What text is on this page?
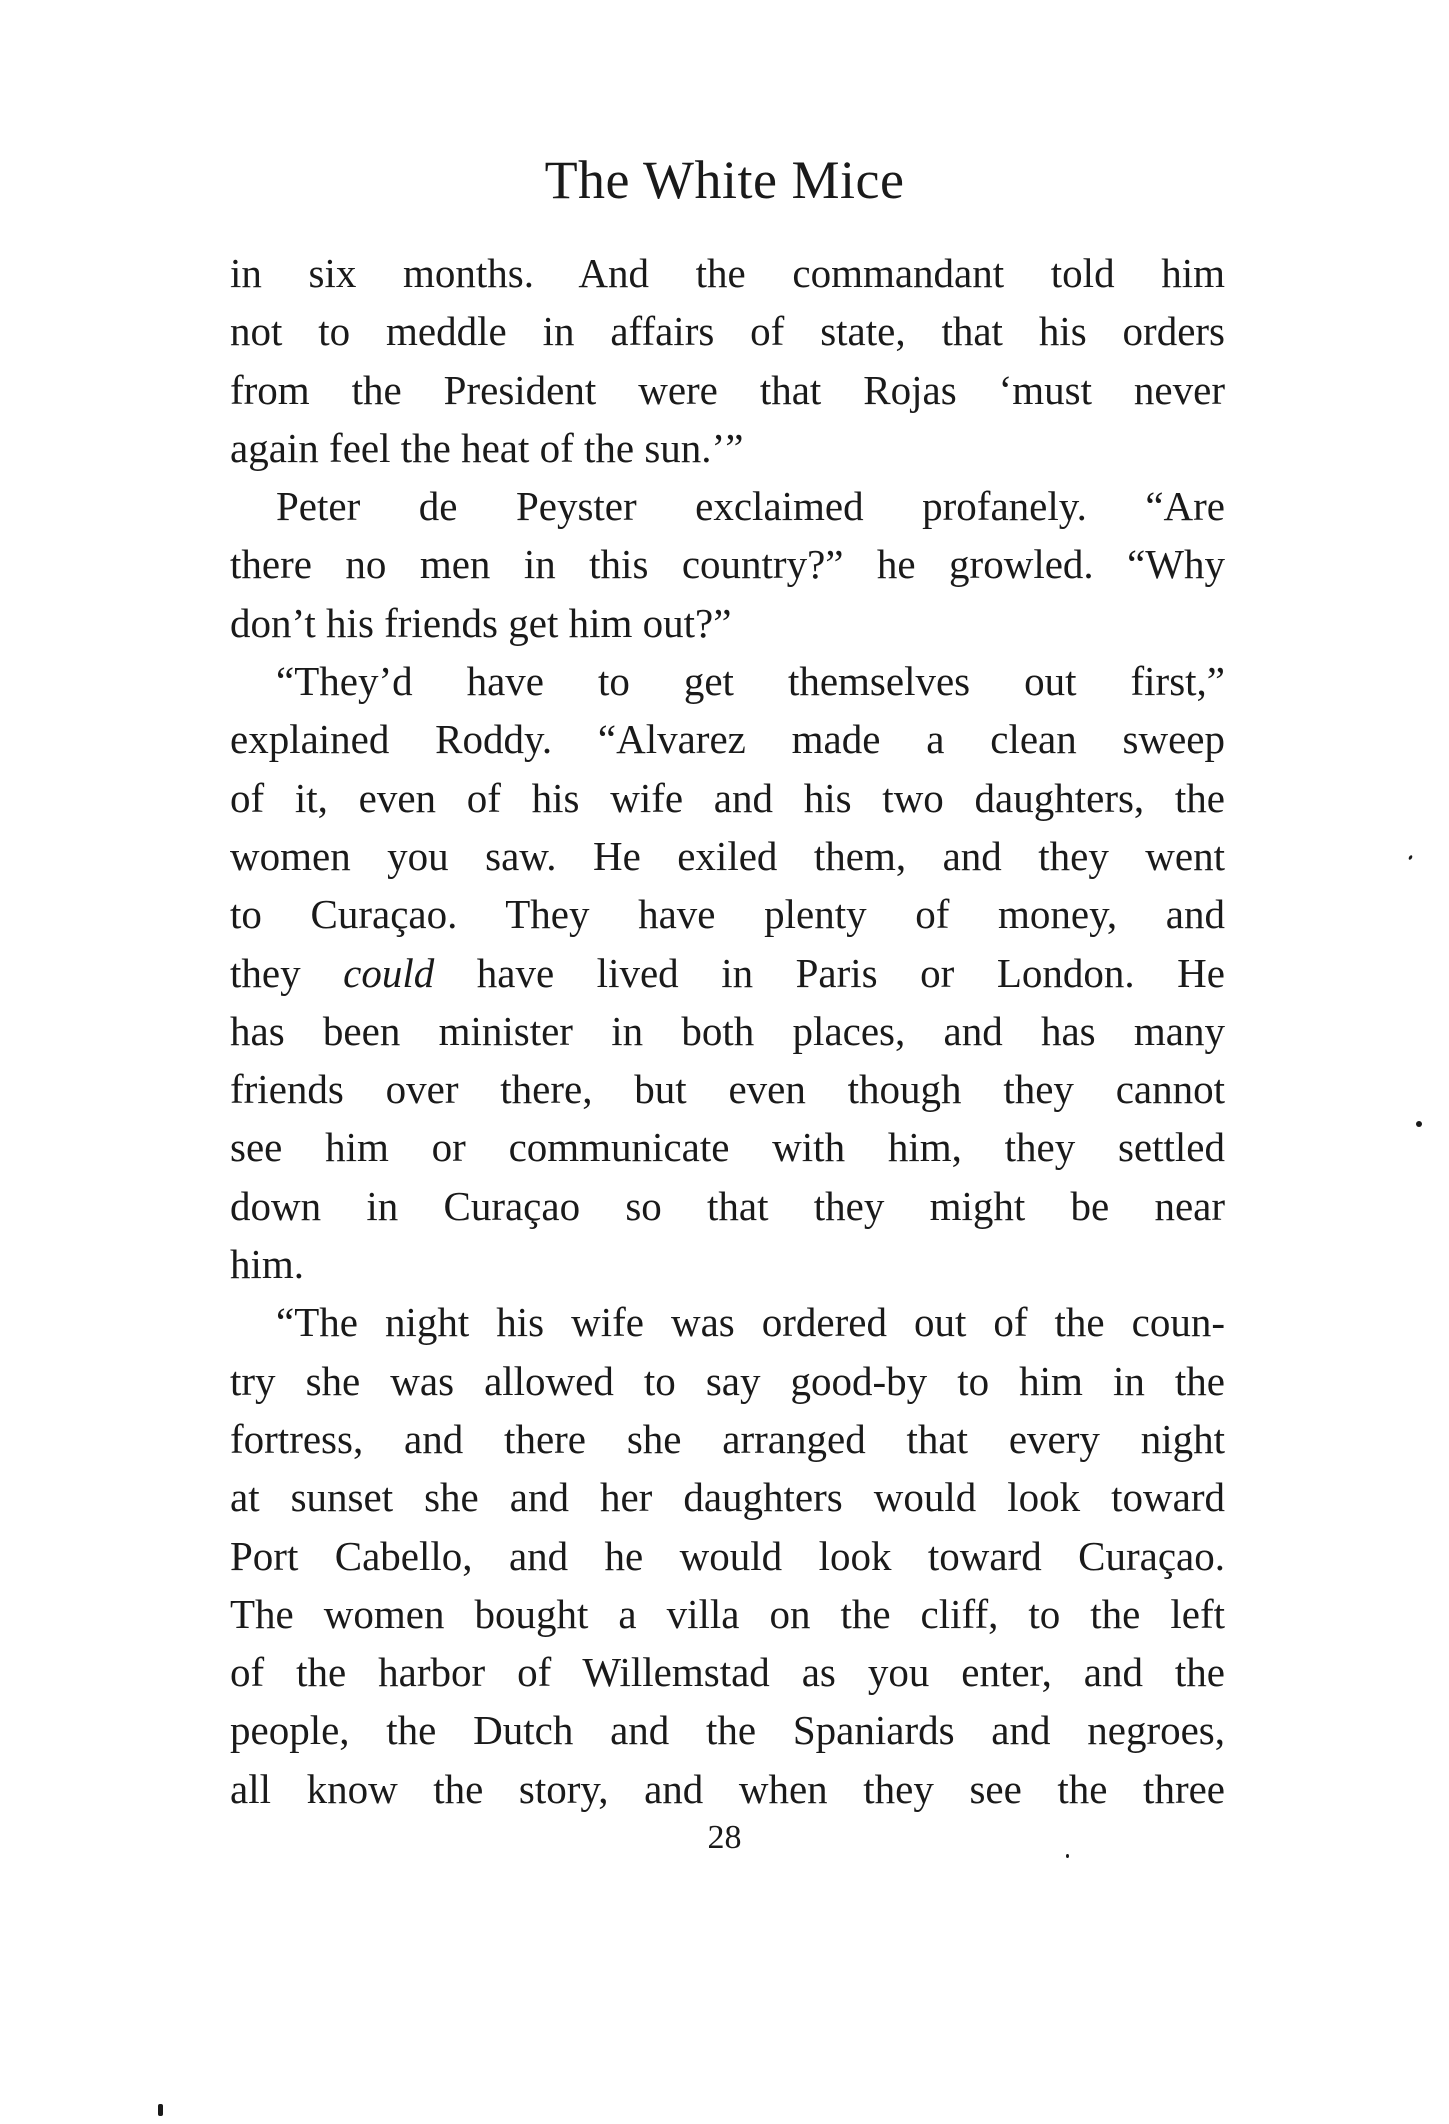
The White Mice
in six months. And the commandant told him
not to meddle in affairs of state, that his orders
from the President were that Rojas ‘must never
again feel the heat of the sun.’”
Peter de Peyster exclaimed profanely. “Are
there no men in this country?” he growled. “Why
don’t his friends get him out?”
“They’d have to get themselves out first,”
explained Roddy. “Alvarez made a clean sweep
of it, even of his wife and his two daughters, the
women you saw. He exiled them, and they went
to Curaçao. They have plenty of money, and
they could have lived in Paris or London. He
has been minister in both places, and has many
friends over there, but even though they cannot
see him or communicate with him, they settled
down in Curaçao so that they might be near
him.
“The night his wife was ordered out of the coun-
try she was allowed to say good-by to him in the
fortress, and there she arranged that every night
at sunset she and her daughters would look toward
Port Cabello, and he would look toward Curaçao.
The women bought a villa on the cliff, to the left
of the harbor of Willemstad as you enter, and the
people, the Dutch and the Spaniards and negroes,
all know the story, and when they see the three
28
